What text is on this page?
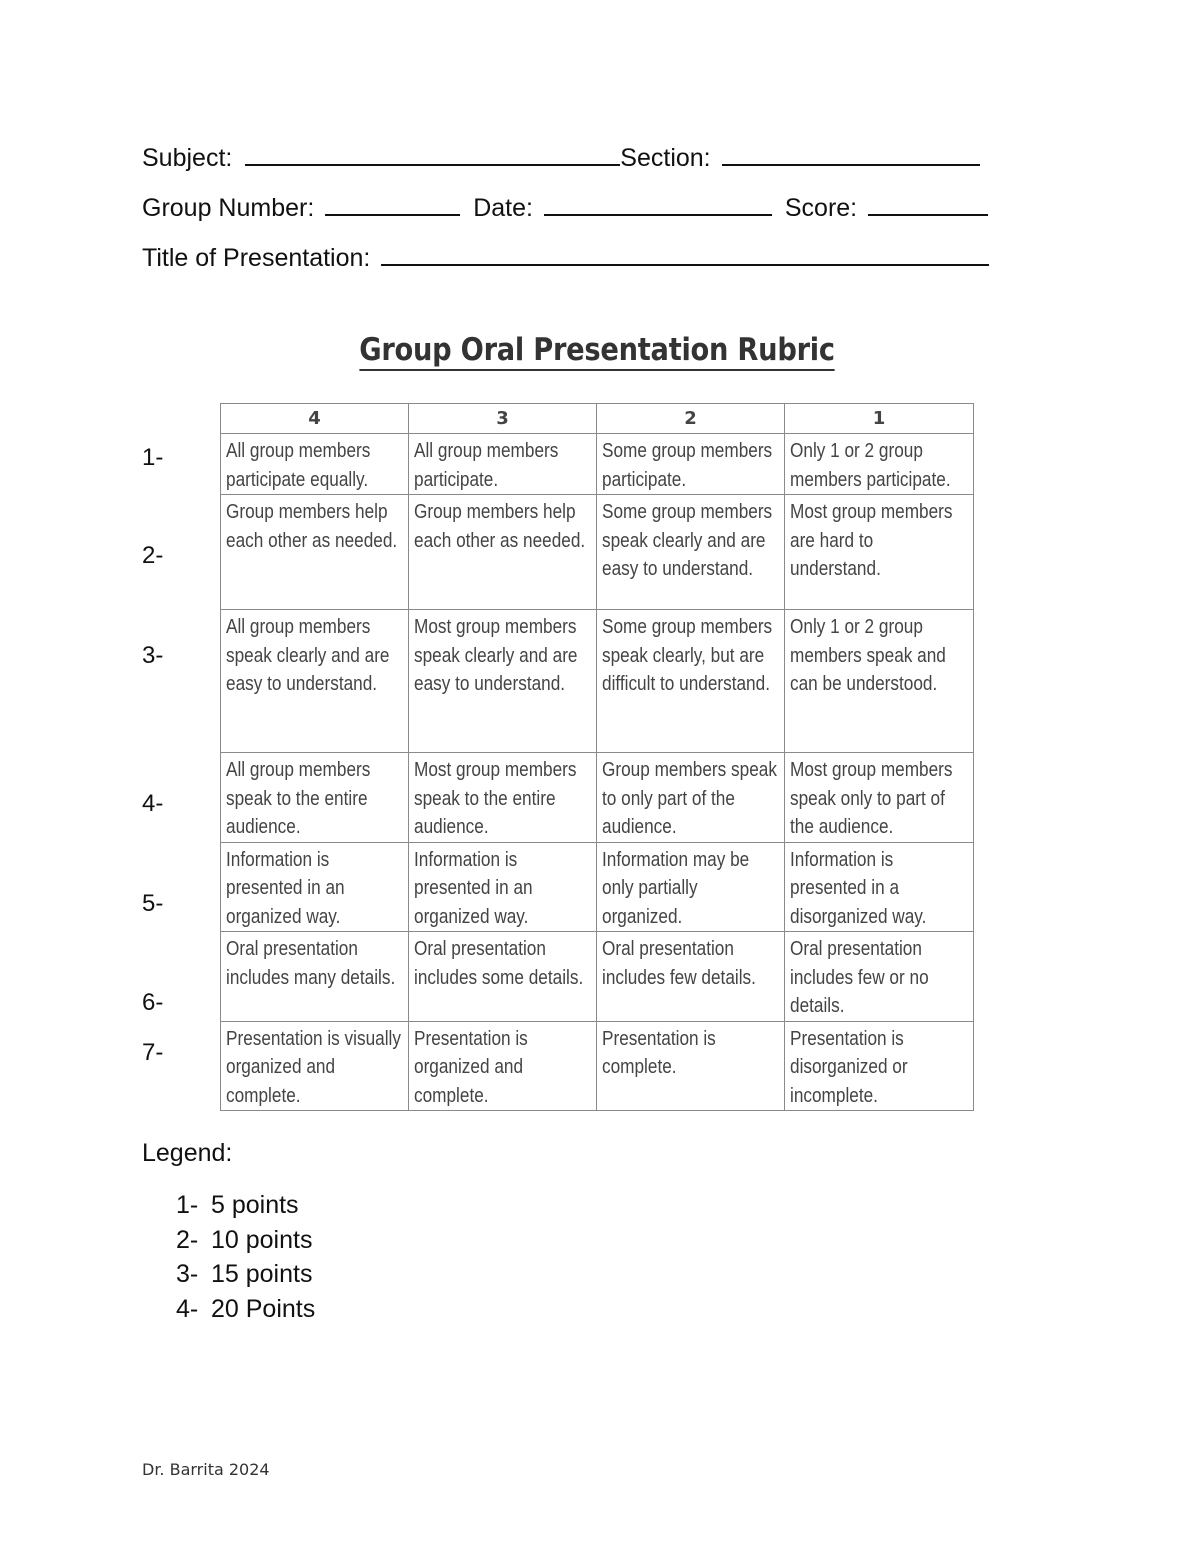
Subject:	Section:
Group Number:	Date:	Score:
Title of Presentation:
Group Oral Presentation Rubric
4	3	2	1

All group members participate equally.	All group members participate.	Some group members participate.	Only 1 or 2 group members participate.

Group members help each other as needed.	Group members help each other as needed.	Some group members speak clearly and are easy to understand.	Most group members are hard to understand.

All group members speak clearly and are easy to understand.	Most group members speak clearly and are easy to understand.	Some group members speak clearly, but are difficult to understand.	Only 1 or 2 group members speak and can be understood.

All group members speak to the entire audience.	Most group members speak to the entire audience.	Group members speak to only part of the audience.	Most group members speak only to part of the audience.

Information is presented in an organized way.	Information is presented in an organized way.	Information may be only partially organized.	Information is presented in a disorganized way.

Oral presentation includes many details.	Oral presentation includes some details.	Oral presentation includes few details.	Oral presentation includes few or no details.

Presentation is visually organized and complete.	Presentation is organized and complete.	Presentation is complete.	Presentation is disorganized or incomplete.
1-
2-
3-
4-
5-
6-
7-
Legend:
1- 5 points
2- 10 points
3- 15 points
4- 20 Points
Dr. Barrita 2024
